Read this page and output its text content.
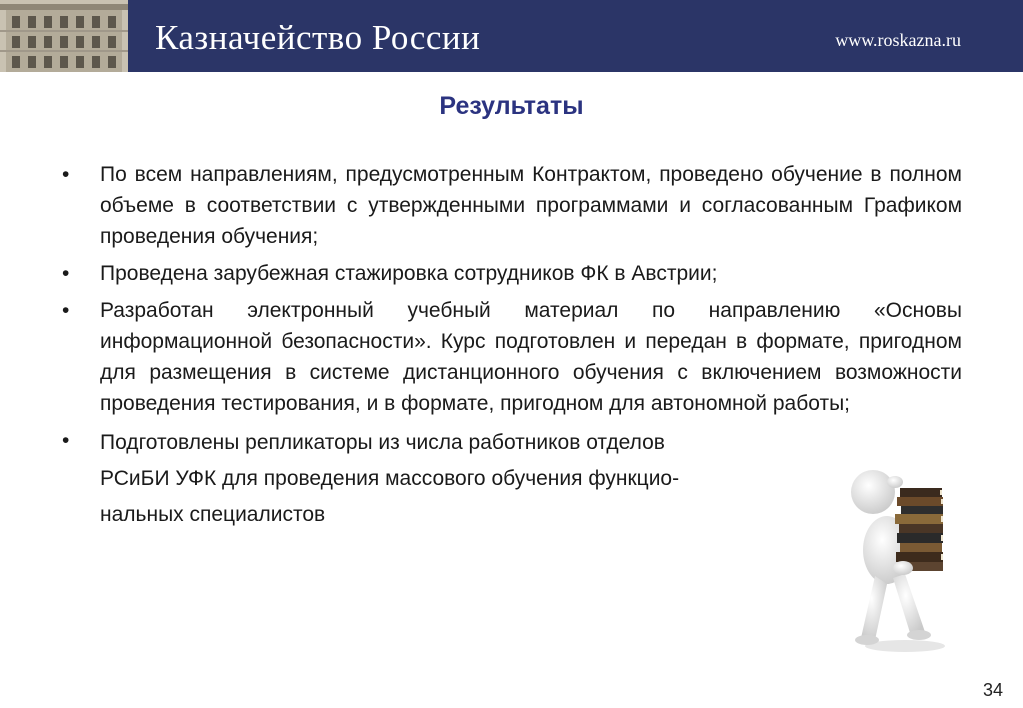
Казначейство России	www.roskazna.ru
Результаты
•	По всем направлениям, предусмотренным Контрактом, проведено обучение в полном объеме в соответствии с утвержденными программами и согласованным Графиком проведения обучения;
•	Проведена зарубежная стажировка сотрудников ФК в Австрии;
•	Разработан электронный учебный материал по направлению «Основы информационной безопасности». Курс подготовлен и передан в формате, пригодном для размещения в системе дистанционного обучения с включением возможности проведения тестирования, и в формате, пригодном для автономной работы;
•	Подготовлены репликаторы из числа работников отделов
РСиБИ УФК для проведения массового обучения функцио-
нальных специалистов
34
